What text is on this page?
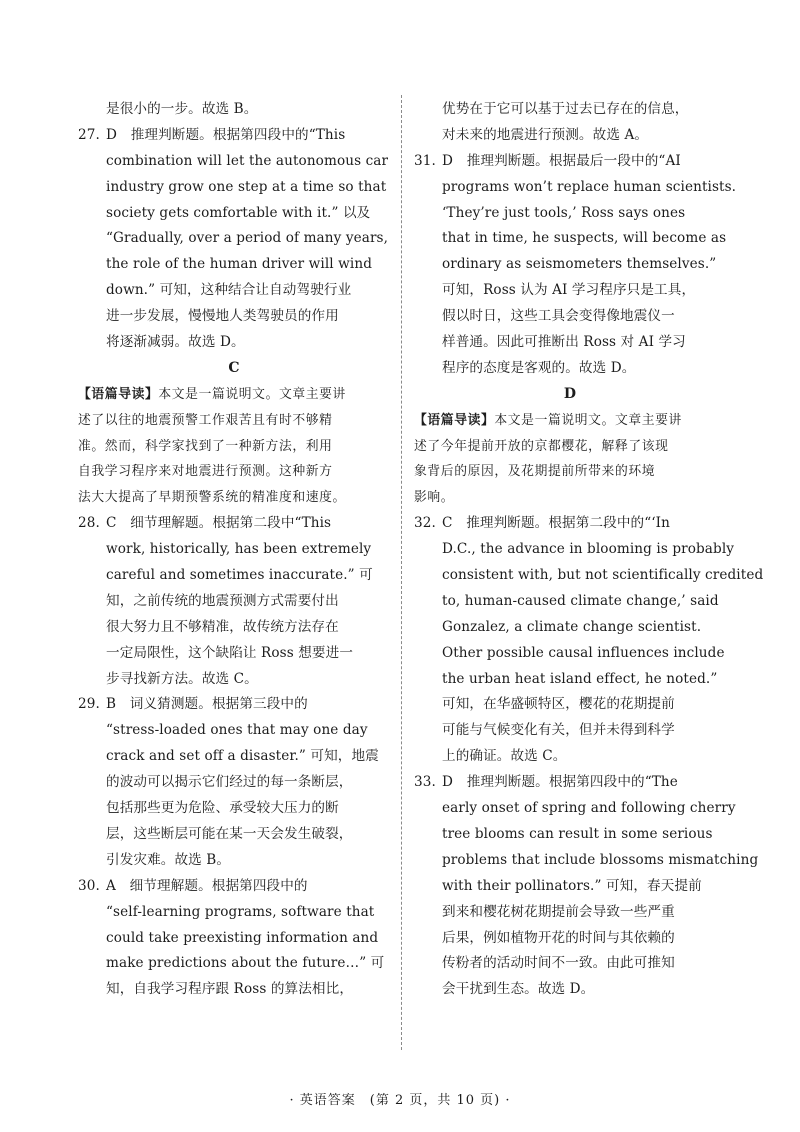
是很小的一步。故选 B。
27. D　推理判断题。根据第四段中的“This
combination will let the autonomous car
industry grow one step at a time so that
society gets comfortable with it.” 以及
“Gradually, over a period of many years,
the role of the human driver will wind
down.” 可知，这种结合让自动驾驶行业
进一步发展，慢慢地人类驾驶员的作用
将逐渐减弱。故选 D。
C
【语篇导读】本文是一篇说明文。文章主要讲
述了以往的地震预警工作艰苦且有时不够精
准。然而，科学家找到了一种新方法，利用
自我学习程序来对地震进行预测。这种新方
法大大提高了早期预警系统的精准度和速度。
28. C　细节理解题。根据第二段中“This
work, historically, has been extremely
careful and sometimes inaccurate.” 可
知，之前传统的地震预测方式需要付出
很大努力且不够精准，故传统方法存在
一定局限性，这个缺陷让 Ross 想要进一
步寻找新方法。故选 C。
29. B　词义猜测题。根据第三段中的
“stress-loaded ones that may one day
crack and set off a disaster.” 可知，地震
的波动可以揭示它们经过的每一条断层，
包括那些更为危险、承受较大压力的断
层，这些断层可能在某一天会发生破裂，
引发灾难。故选 B。
30. A　细节理解题。根据第四段中的
“self-learning programs, software that
could take preexisting information and
make predictions about the future…” 可
知，自我学习程序跟 Ross 的算法相比，
优势在于它可以基于过去已存在的信息，
对未来的地震进行预测。故选 A。
31. D　推理判断题。根据最后一段中的“AI
programs won’t replace human scientists.
‘They’re just tools,’ Ross says ones
that in time, he suspects, will become as
ordinary as seismometers themselves.”
可知，Ross 认为 AI 学习程序只是工具，
假以时日，这些工具会变得像地震仪一
样普通。因此可推断出 Ross 对 AI 学习
程序的态度是客观的。故选 D。
D
【语篇导读】本文是一篇说明文。文章主要讲
述了今年提前开放的京都樱花，解释了该现
象背后的原因，及花期提前所带来的环境
影响。
32. C　推理判断题。根据第二段中的“‘In
D.C., the advance in blooming is probably
consistent with, but not scientifically credited
to, human-caused climate change,’ said
Gonzalez, a climate change scientist.
Other possible causal influences include
the urban heat island effect, he noted.”
可知，在华盛顿特区，樱花的花期提前
可能与气候变化有关，但并未得到科学
上的确证。故选 C。
33. D　推理判断题。根据第四段中的“The
early onset of spring and following cherry
tree blooms can result in some serious
problems that include blossoms mismatching
with their pollinators.” 可知，春天提前
到来和樱花树花期提前会导致一些严重
后果，例如植物开花的时间与其依赖的
传粉者的活动时间不一致。由此可推知
会干扰到生态。故选 D。
· 英语答案　(第 2 页，共 10 页) ·
